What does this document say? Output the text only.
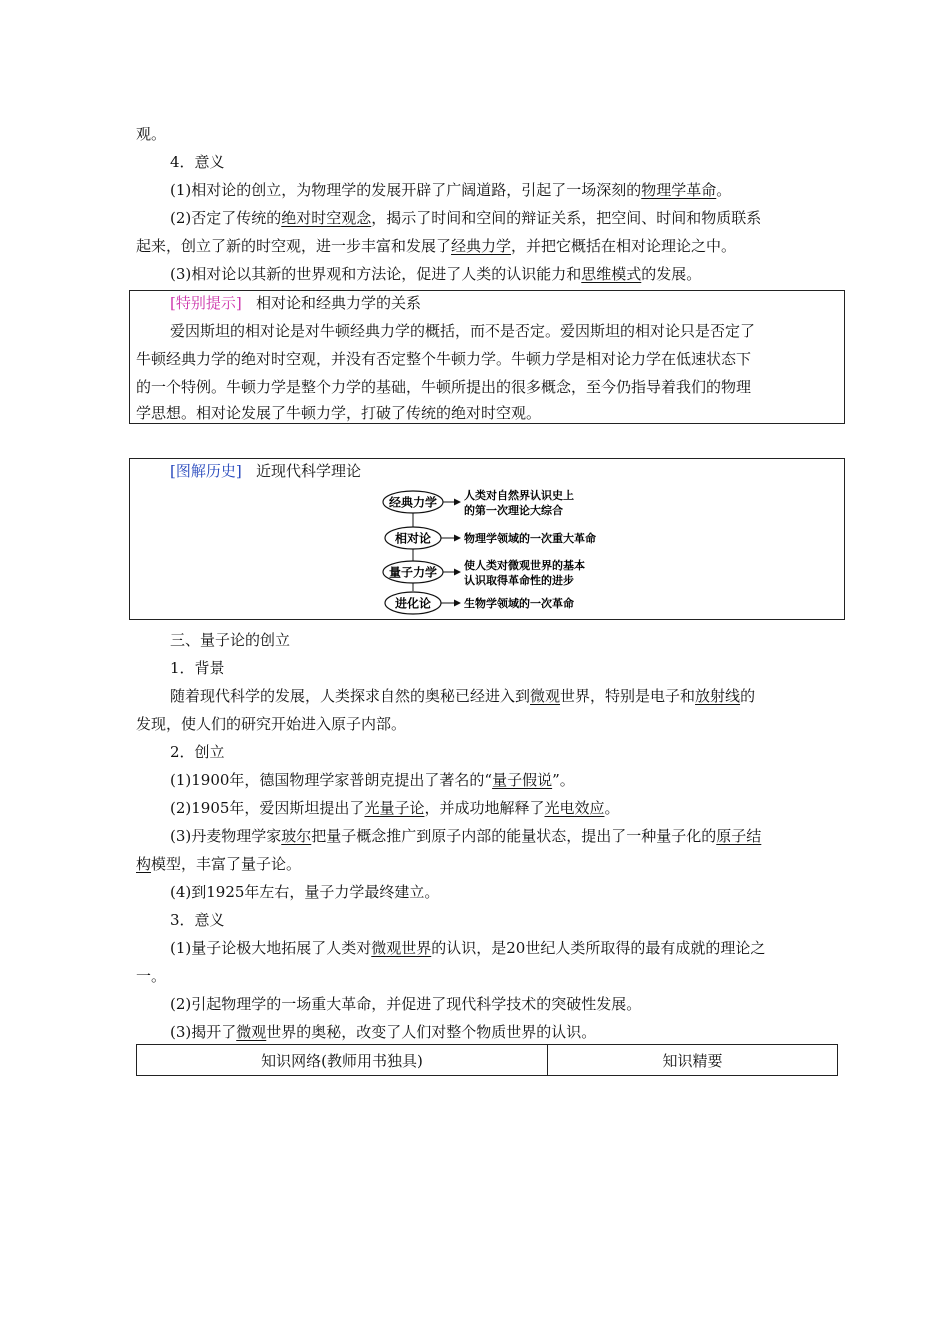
观。
4．意义
(1)相对论的创立，为物理学的发展开辟了广阔道路，引起了一场深刻的物理学革命。
(2)否定了传统的绝对时空观念，揭示了时间和空间的辩证关系，把空间、时间和物质联系
起来，创立了新的时空观，进一步丰富和发展了经典力学，并把它概括在相对论理论之中。
(3)相对论以其新的世界观和方法论，促进了人类的认识能力和思维模式的发展。
[特别提示] 相对论和经典力学的关系
爱因斯坦的相对论是对牛顿经典力学的概括，而不是否定。爱因斯坦的相对论只是否定了
牛顿经典力学的绝对时空观，并没有否定整个牛顿力学。牛顿力学是相对论力学在低速状态下
的一个特例。牛顿力学是整个力学的基础，牛顿所提出的很多概念，至今仍指导着我们的物理
学思想。相对论发展了牛顿力学，打破了传统的绝对时空观。
[图解历史] 近现代科学理论
经典力学 人类对自然界认识史上
的第一次理论大综合
相对论	物理学领域的一次重大革命
量子力学 使人类对微观世界的基本
认识取得革命性的进步
进化论	生物学领域的一次革命
三、量子论的创立
1．背景
随着现代科学的发展，人类探求自然的奥秘已经进入到微观世界，特别是电子和放射线的
发现，使人们的研究开始进入原子内部。
2．创立
(1)1900年，德国物理学家普朗克提出了著名的“量子假说”。
(2)1905年，爱因斯坦提出了光量子论，并成功地解释了光电效应。
(3)丹麦物理学家玻尔把量子概念推广到原子内部的能量状态，提出了一种量子化的原子结
构模型，丰富了量子论。
(4)到1925年左右，量子力学最终建立。
3．意义
(1)量子论极大地拓展了人类对微观世界的认识，是20世纪人类所取得的最有成就的理论之
一。
(2)引起物理学的一场重大革命，并促进了现代科学技术的突破性发展。
(3)揭开了微观世界的奥秘，改变了人们对整个物质世界的认识。
知识网络(教师用书独具)	知识精要
